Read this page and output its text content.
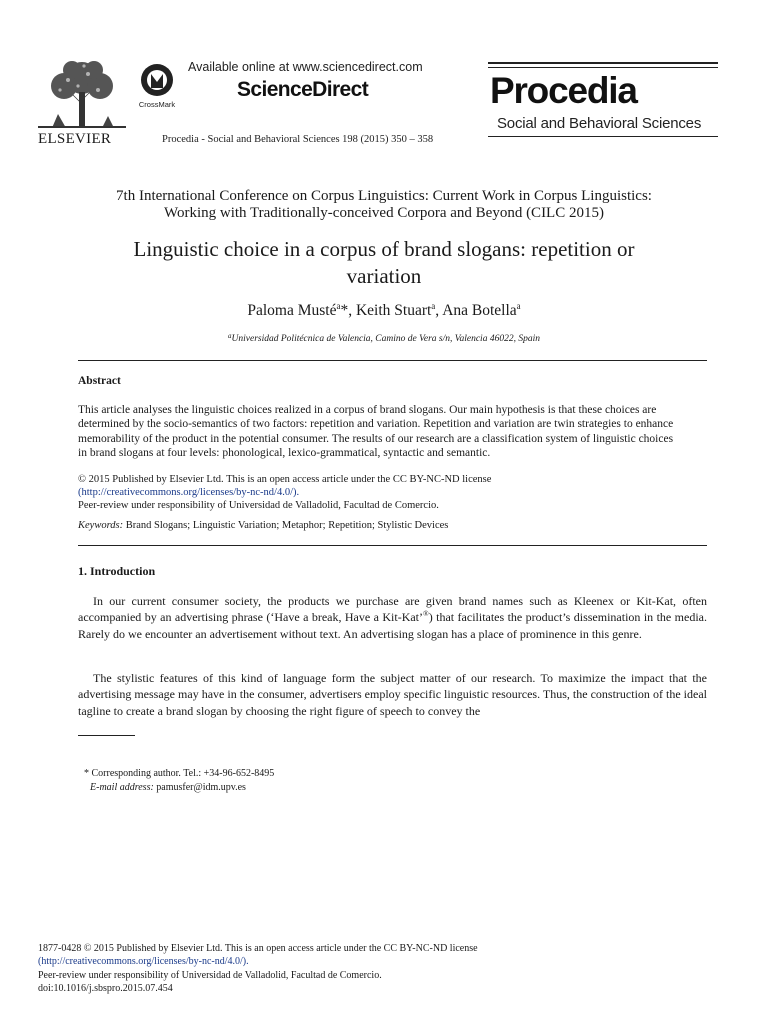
ELSEVIER
CrossMark
Available online at www.sciencedirect.com
ScienceDirect
Procedia - Social and Behavioral Sciences 198 (2015) 350 – 358
Procedia
Social and Behavioral Sciences
7th International Conference on Corpus Linguistics: Current Work in Corpus Linguistics:
Working with Traditionally-conceived Corpora and Beyond (CILC 2015)
Linguistic choice in a corpus of brand slogans: repetition or
variation
Paloma Musté$^a$*, Keith Stuart$^a$, Ana Botella$^a$
$^a$Universidad Politécnica de Valencia, Camino de Vera s/n, Valencia 46022, Spain
Abstract
This article analyses the linguistic choices realized in a corpus of brand slogans. Our main hypothesis is that these choices are
determined by the socio-semantics of two factors: repetition and variation. Repetition and variation are twin strategies to enhance
memorability of the product in the potential consumer. The results of our research are a classification system of linguistic choices
in brand slogans at four levels: phonological, lexico-grammatical, syntactic and semantic.
© 2015 Published by Elsevier Ltd. This is an open access article under the CC BY-NC-ND license
(http://creativecommons.org/licenses/by-nc-nd/4.0/).
Peer-review under responsibility of Universidad de Valladolid, Facultad de Comercio.
Keywords: Brand Slogans; Linguistic Variation; Metaphor; Repetition; Stylistic Devices
1. Introduction

In our current consumer society, the products we purchase are given brand names such as Kleenex or Kit-Kat, often accompanied by an advertising phrase (‘Have a break, Have a Kit-Kat’®) that facilitates the product’s dissemination in the media. Rarely do we encounter an advertisement without text. An advertising slogan has a place of prominence in this genre.

The stylistic features of this kind of language form the subject matter of our research. To maximize the impact that the advertising message may have in the consumer, advertisers employ specific linguistic resources. Thus, the construction of the ideal tagline to create a brand slogan by choosing the right figure of speech to convey the

* Corresponding author. Tel.: +34-96-652-8495
E-mail address: pamusfer@idm.upv.es
1877-0428 © 2015 Published by Elsevier Ltd. This is an open access article under the CC BY-NC-ND license
(http://creativecommons.org/licenses/by-nc-nd/4.0/).
Peer-review under responsibility of Universidad de Valladolid, Facultad de Comercio.
doi:10.1016/j.sbspro.2015.07.454
